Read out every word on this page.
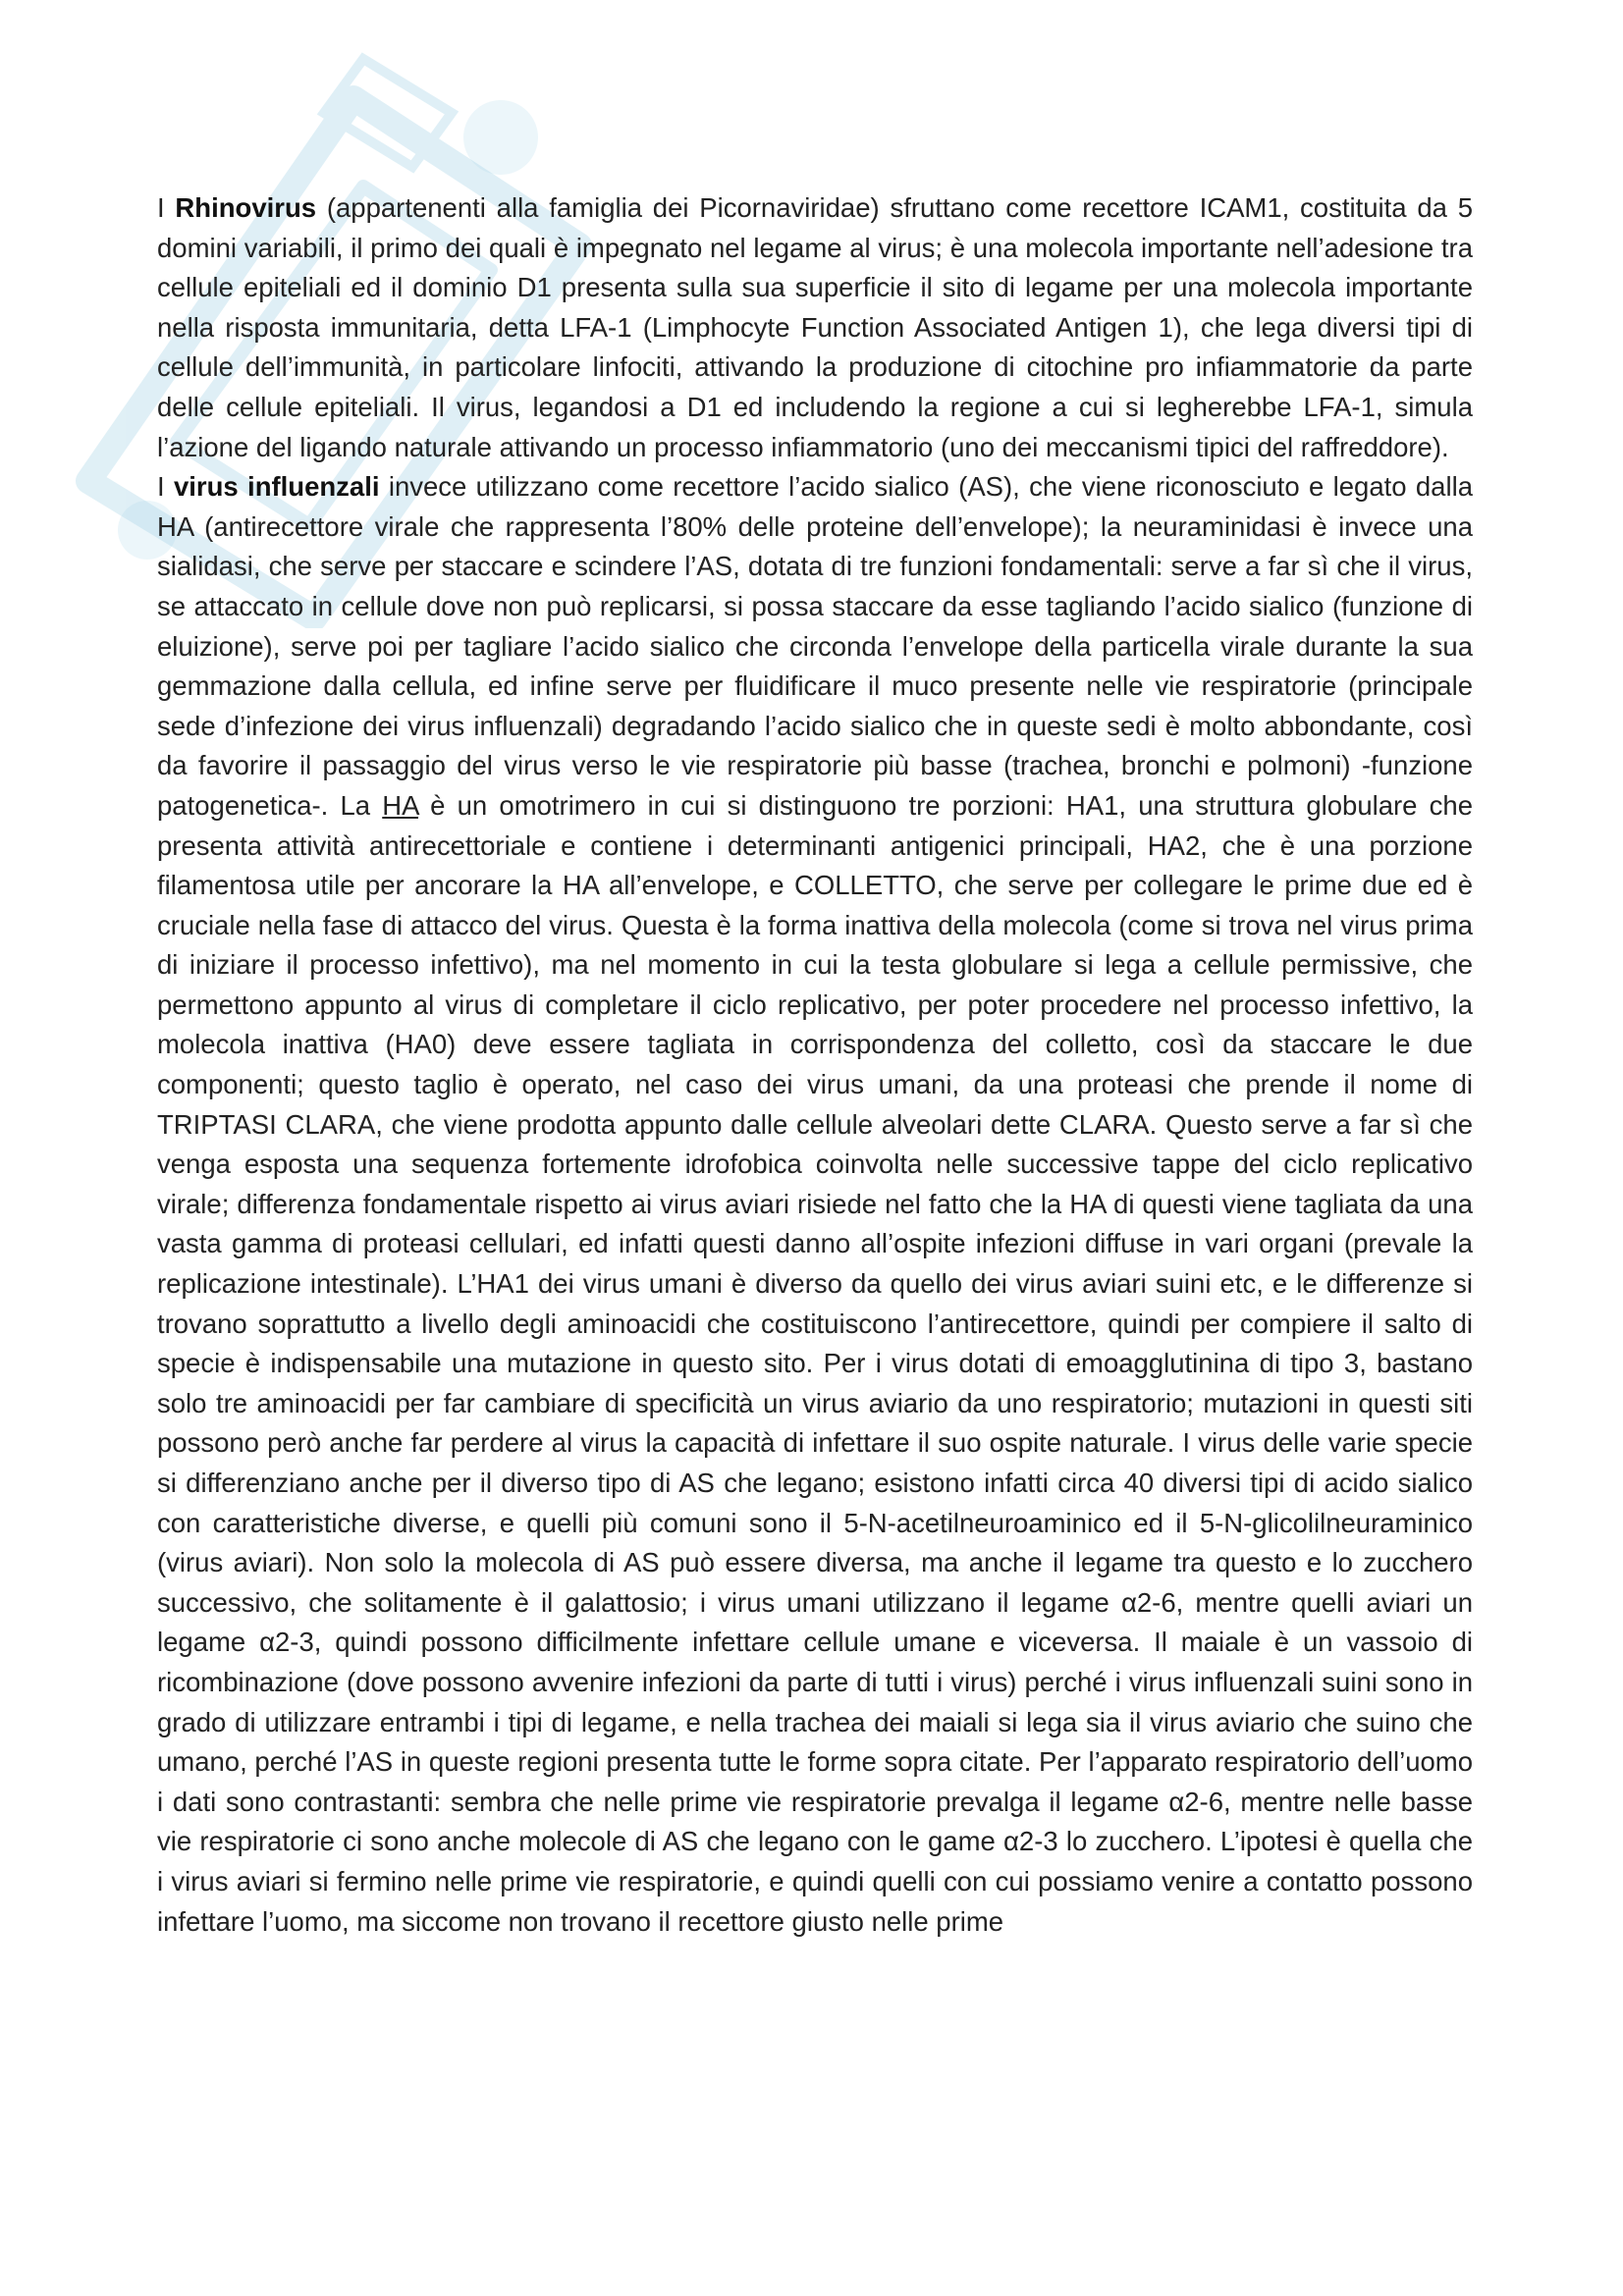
I Rhinovirus (appartenenti alla famiglia dei Picornaviridae) sfruttano come recettore ICAM1, costituita da 5 domini variabili, il primo dei quali è impegnato nel legame al virus; è una molecola importante nell’adesione tra cellule epiteliali ed il dominio D1 presenta sulla sua superficie il sito di legame per una molecola importante nella risposta immunitaria, detta LFA-1 (Limphocyte Function Associated Antigen 1), che lega diversi tipi di cellule dell’immunità, in particolare linfociti, attivando la produzione di citochine pro infiammatorie da parte delle cellule epiteliali. Il virus, legandosi a D1 ed includendo la regione a cui si legherebbe LFA-1, simula l’azione del ligando naturale attivando un processo infiammatorio (uno dei meccanismi tipici del raffreddore).

I virus influenzali invece utilizzano come recettore l’acido sialico (AS), che viene riconosciuto e legato dalla HA (antirecettore virale che rappresenta l’80% delle proteine dell’envelope); la neuraminidasi è invece una sialidasi, che serve per staccare e scindere l’AS, dotata di tre funzioni fondamentali: serve a far sì che il virus, se attaccato in cellule dove non può replicarsi, si possa staccare da esse tagliando l’acido sialico (funzione di eluizione), serve poi per tagliare l’acido sialico che circonda l’envelope della particella virale durante la sua gemmazione dalla cellula, ed infine serve per fluidificare il muco presente nelle vie respiratorie (principale sede d’infezione dei virus influenzali) degradando l’acido sialico che in queste sedi è molto abbondante, così da favorire il passaggio del virus verso le vie respiratorie più basse (trachea, bronchi e polmoni) -funzione patogenetica-. La HA è un omotrimero in cui si distinguono tre porzioni: HA1, una struttura globulare che presenta attività antirecettoriale e contiene i determinanti antigenici principali, HA2, che è una porzione filamentosa utile per ancorare la HA all’envelope, e COLLETTO, che serve per collegare le prime due ed è cruciale nella fase di attacco del virus. Questa è la forma inattiva della molecola (come si trova nel virus prima di iniziare il processo infettivo), ma nel momento in cui la testa globulare si lega a cellule permissive, che permettono appunto al virus di completare il ciclo replicativo, per poter procedere nel processo infettivo, la molecola inattiva (HA0) deve essere tagliata in corrispondenza del colletto, così da staccare le due componenti; questo taglio è operato, nel caso dei virus umani, da una proteasi che prende il nome di TRIPTASI CLARA, che viene prodotta appunto dalle cellule alveolari dette CLARA. Questo serve a far sì che venga esposta una sequenza fortemente idrofobica coinvolta nelle successive tappe del ciclo replicativo virale; differenza fondamentale rispetto ai virus aviari risiede nel fatto che la HA di questi viene tagliata da una vasta gamma di proteasi cellulari, ed infatti questi danno all’ospite infezioni diffuse in vari organi (prevale la replicazione intestinale). L’HA1 dei virus umani è diverso da quello dei virus aviari suini etc, e le differenze si trovano soprattutto a livello degli aminoacidi che costituiscono l’antirecettore, quindi per compiere il salto di specie è indispensabile una mutazione in questo sito. Per i virus dotati di emoagglutinina di tipo 3, bastano solo tre aminoacidi per far cambiare di specificità un virus aviario da uno respiratorio; mutazioni in questi siti possono però anche far perdere al virus la capacità di infettare il suo ospite naturale. I virus delle varie specie si differenziano anche per il diverso tipo di AS che legano; esistono infatti circa 40 diversi tipi di acido sialico con caratteristiche diverse, e quelli più comuni sono il 5-N-acetilneuroaminico ed il 5-N-glicolilneuraminico (virus aviari). Non solo la molecola di AS può essere diversa, ma anche il legame tra questo e lo zucchero successivo, che solitamente è il galattosio; i virus umani utilizzano il legame α2-6, mentre quelli aviari un legame α2-3, quindi possono difficilmente infettare cellule umane e viceversa. Il maiale è un vassoio di ricombinazione (dove possono avvenire infezioni da parte di tutti i virus) perché i virus influenzali suini sono in grado di utilizzare entrambi i tipi di legame, e nella trachea dei maiali si lega sia il virus aviario che suino che umano, perché l’AS in queste regioni presenta tutte le forme sopra citate. Per l’apparato respiratorio dell’uomo i dati sono contrastanti: sembra che nelle prime vie respiratorie prevalga il legame α2-6, mentre nelle basse vie respiratorie ci sono anche molecole di AS che legano con le game α2-3 lo zucchero. L’ipotesi è quella che i virus aviari si fermino nelle prime vie respiratorie, e quindi quelli con cui possiamo venire a contatto possono infettare l’uomo, ma siccome non trovano il recettore giusto nelle prime
